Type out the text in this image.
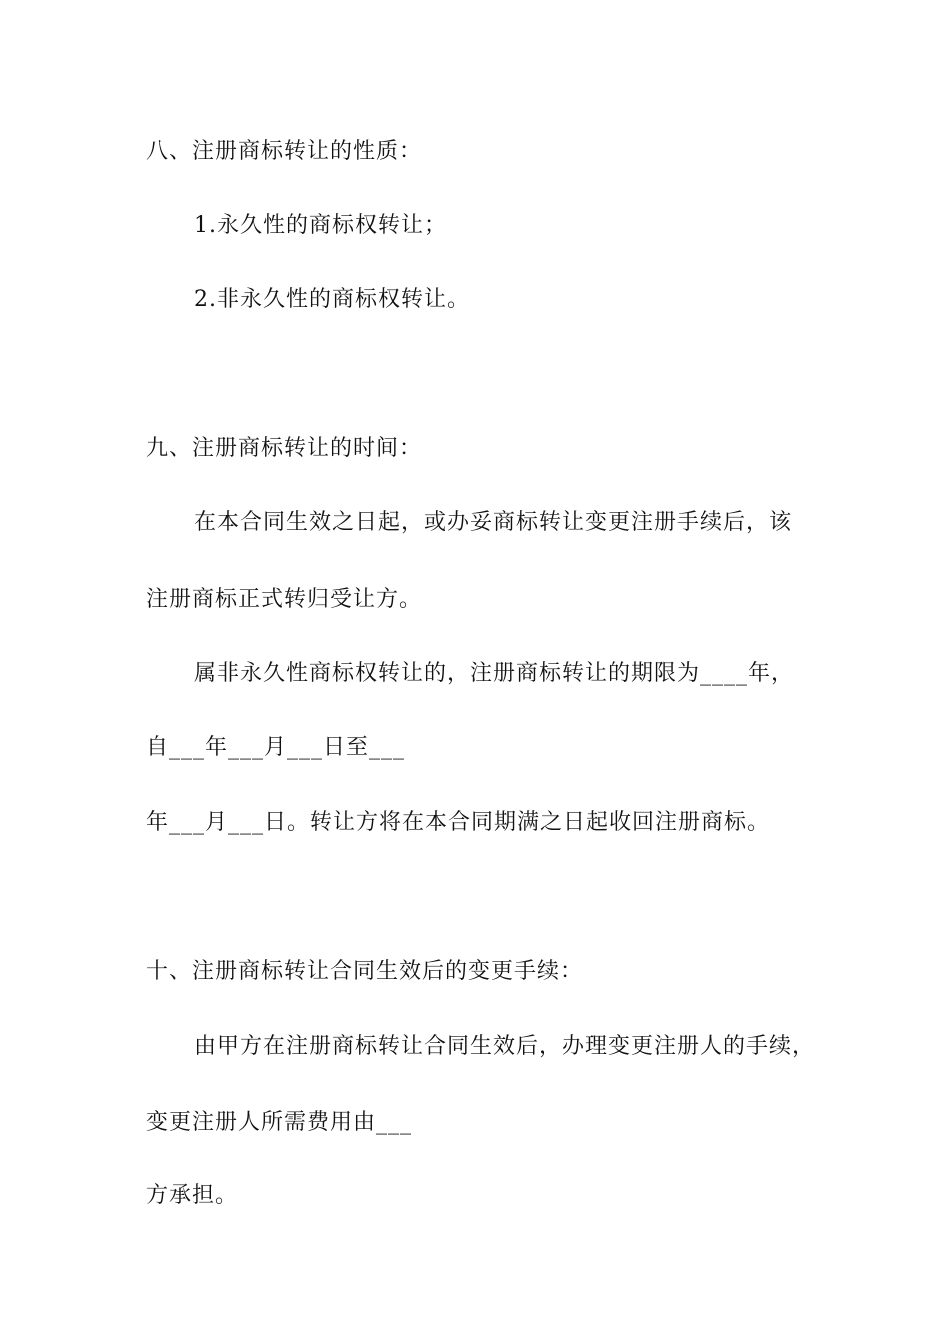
八、注册商标转让的性质：
1.永久性的商标权转让；
2.非永久性的商标权转让。
九、注册商标转让的时间：
在本合同生效之日起，或办妥商标转让变更注册手续后，该
注册商标正式转归受让方。
属非永久性商标权转让的，注册商标转让的期限为____年，
自___年___月___日至___
年___月___日。转让方将在本合同期满之日起收回注册商标。
十、注册商标转让合同生效后的变更手续：
由甲方在注册商标转让合同生效后，办理变更注册人的手续，
变更注册人所需费用由___
方承担。
